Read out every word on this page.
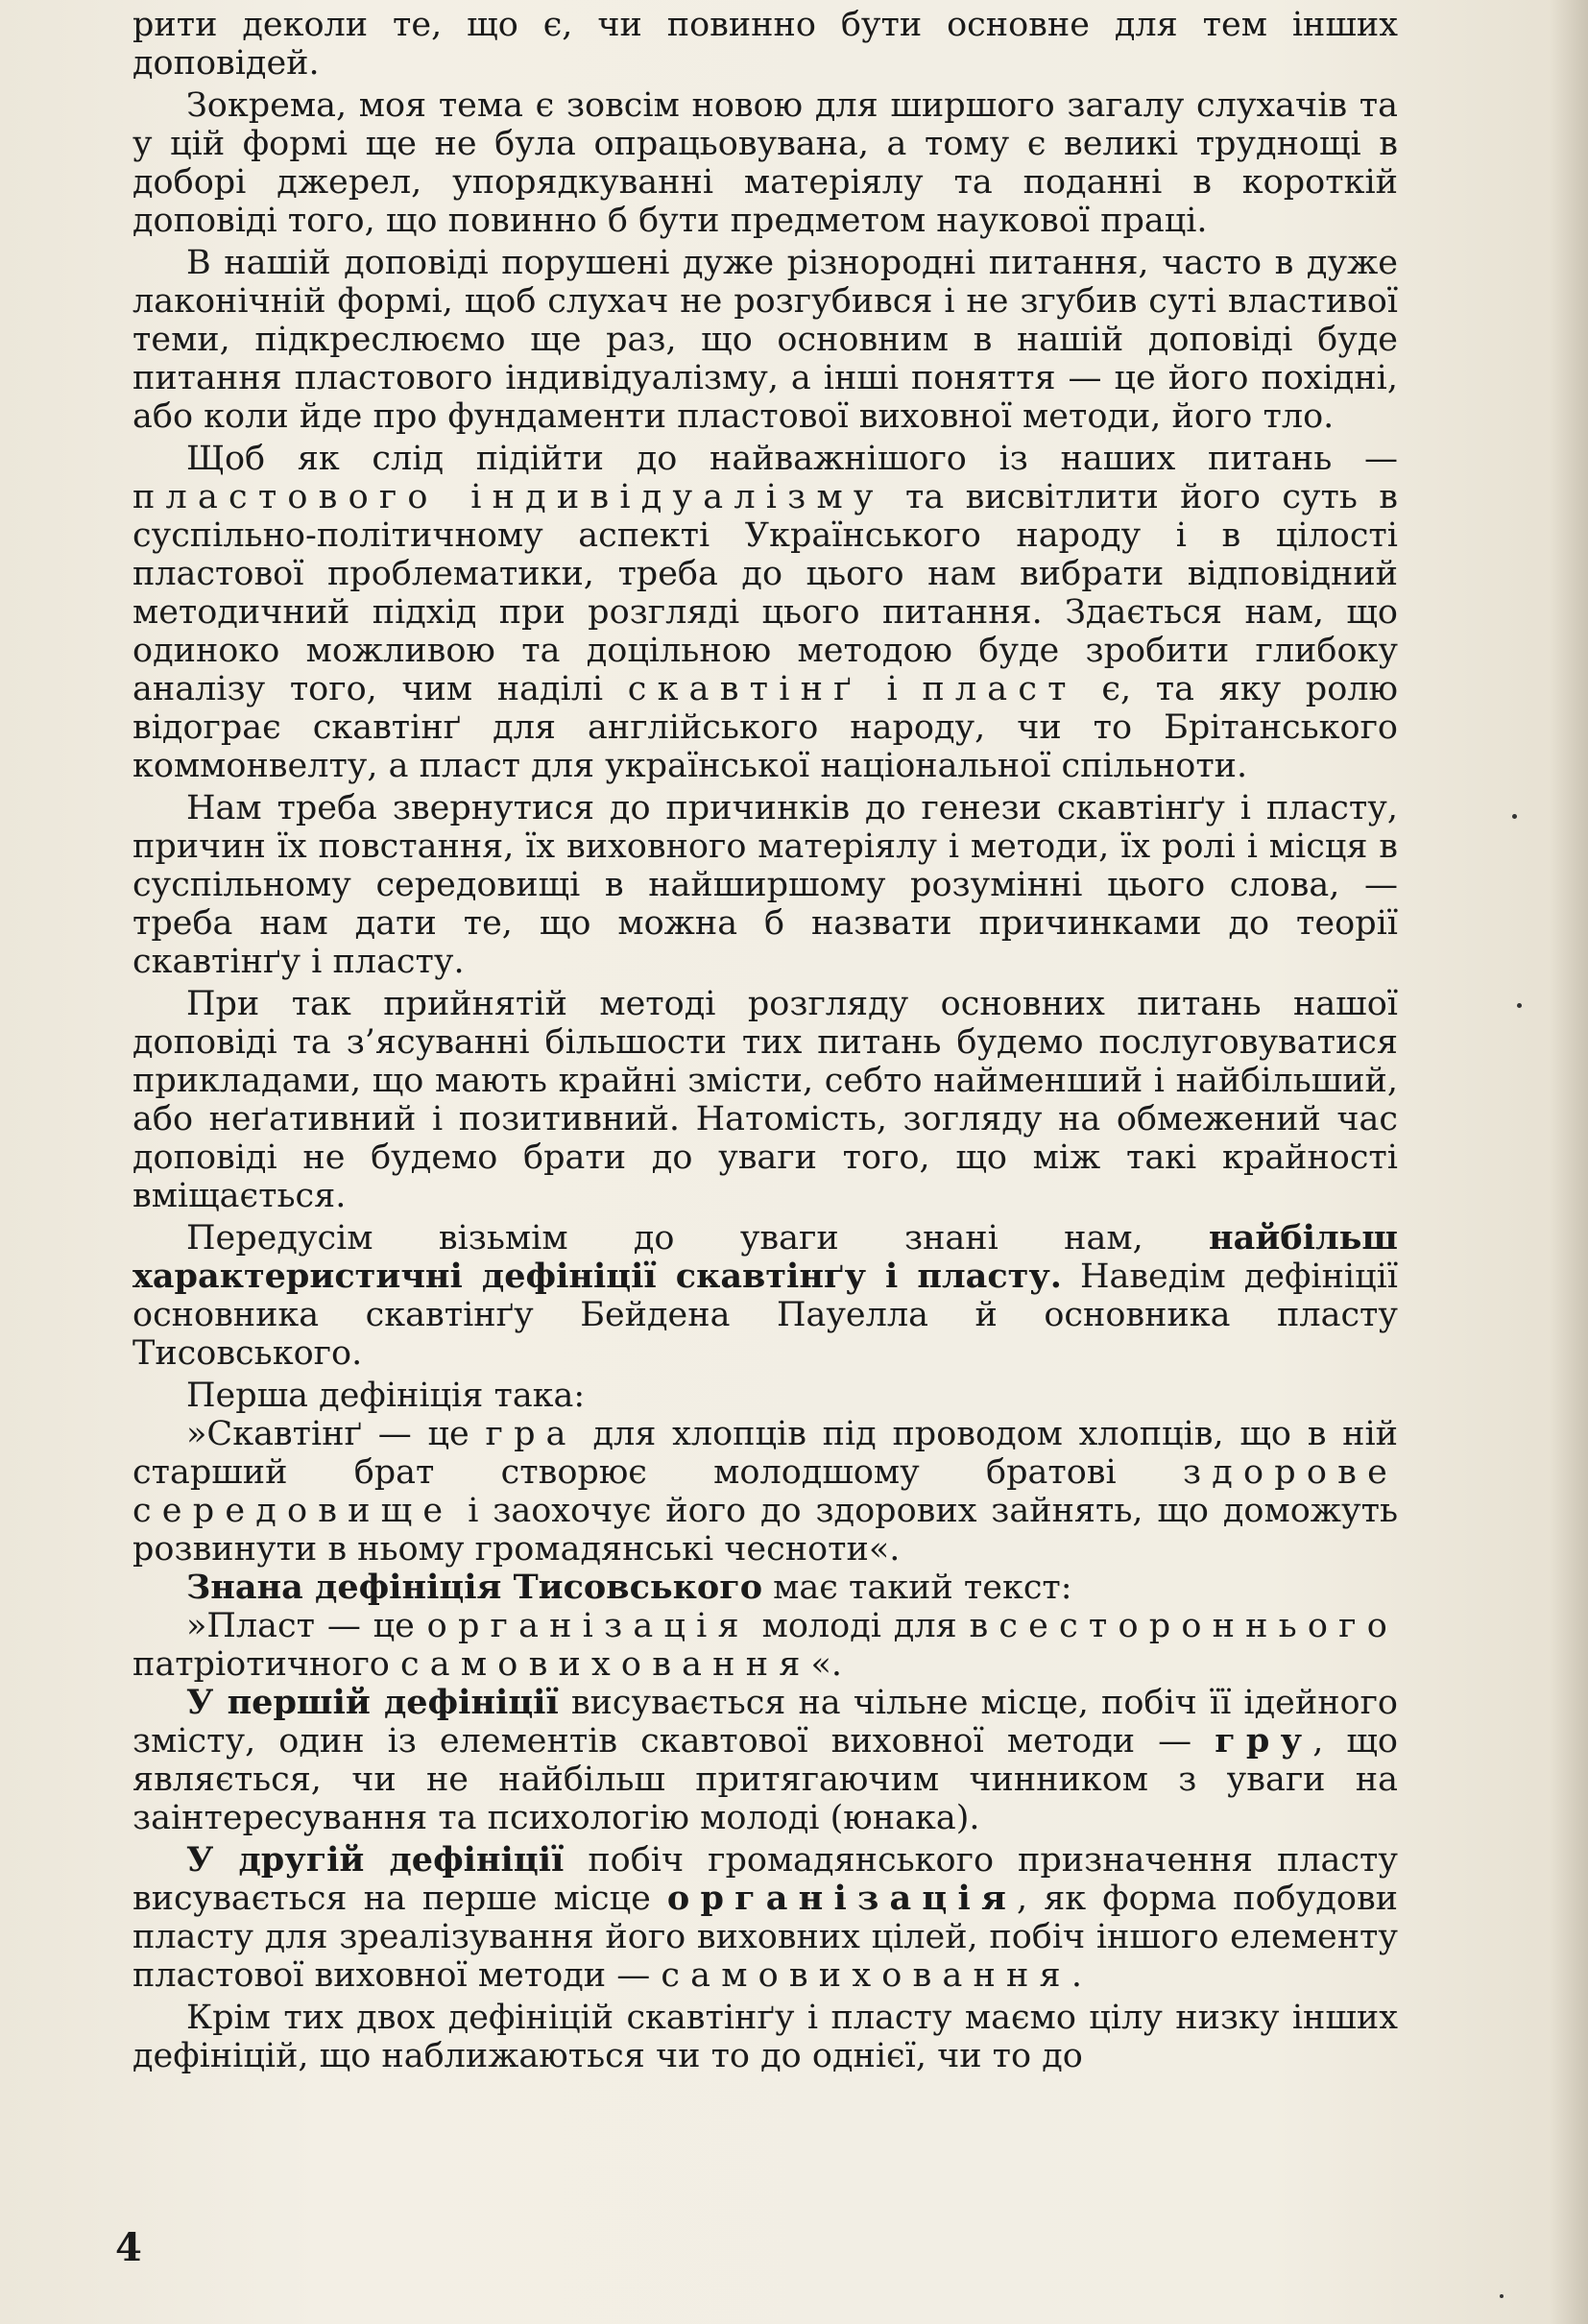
рити деколи те, що є, чи повинно бути основне для тем інших доповідей.

Зокрема, моя тема є зовсім новою для ширшого загалу слухачів та у цій формі ще не була опрацьовувана, а тому є великі труднощі в доборі джерел, упорядкуванні матеріялу та поданні в короткій доповіді того, що повинно б бути предметом наукової праці.

В нашій доповіді порушені дуже різнородні питання, часто в дуже лаконічній формі, щоб слухач не розгубився і не згубив суті властивої теми, підкреслюємо ще раз, що основним в нашій доповіді буде питання пластового індивідуалізму, а інші поняття — це його похідні, або коли йде про фундаменти пластової виховної методи, його тло.

Щоб як слід підійти до найважнішого із наших питань — пластового індивідуалізму та висвітлити його суть в суспільно-політичному аспекті Українського народу і в цілості пластової проблематики, треба до цього нам вибрати відповідний методичний підхід при розгляді цього питання. Здається нам, що одиноко можливою та доцільною методою буде зробити глибоку аналізу того, чим наділі скавтінґ і пласт є, та яку ролю відограє скавтінґ для англійського народу, чи то Брітанського коммонвелту, а пласт для української національної спільноти.

Нам треба звернутися до причинків до генези скавтінґу і пласту, причин їх повстання, їх виховного матеріялу і методи, їх ролі і місця в суспільному середовищі в найширшому розумінні цього слова, — треба нам дати те, що можна б назвати причинками до теорії скавтінґу і пласту.

При так прийнятій методі розгляду основних питань нашої доповіді та з’ясуванні більшости тих питань будемо послуговуватися прикладами, що мають крайні змісти, себто найменший і найбільший, або неґативний і позитивний. Натомість, зогляду на обмежений час доповіді не будемо брати до уваги того, що між такі крайності вміщається.

Передусім візьмім до уваги знані нам, найбільш характеристичні дефініції скавтінґу і пласту. Наведім дефініції основника скавтінґу Бейдена Пауелла й основника пласту Тисовського.

Перша дефініція така:

»Скавтінґ — це гра для хлопців під проводом хлопців, що в ній старший брат створює молодшому братові здорове середовище і заохочує його до здорових зайнять, що доможуть розвинути в ньому громадянські чесноти«.

Знана дефініція Тисовського має такий текст:

»Пласт — це організація молоді для всестороннього патріотичного самовиховання«.

У першій дефініції висувається на чільне місце, побіч її ідейного змісту, один із елементів скавтової виховної методи — гру, що являється, чи не найбільш притягаючим чинником з уваги на заінтересування та психологію молоді (юнака).

У другій дефініції побіч громадянського призначення пласту висувається на перше місце організація, як форма побудови пласту для зреалізування його виховних цілей, побіч іншого елементу пластової виховної методи — самовиховання.

Крім тих двох дефініцій скавтінґу і пласту маємо цілу низку інших дефініцій, що наближаються чи то до однієї, чи то до

4
